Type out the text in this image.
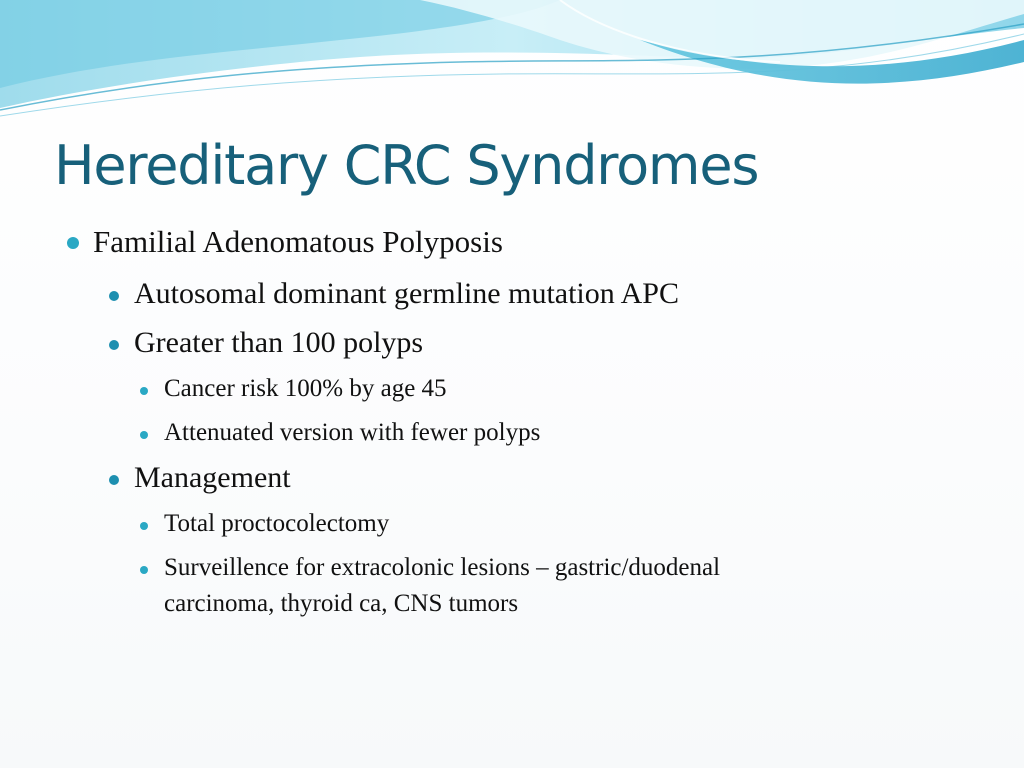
Hereditary CRC Syndromes
Familial Adenomatous Polyposis
Autosomal dominant germline mutation APC
Greater than 100 polyps
Cancer risk 100% by age 45
Attenuated version with fewer polyps
Management
Total proctocolectomy
Surveillence for extracolonic lesions – gastric/duodenal
carcinoma, thyroid ca, CNS tumors
